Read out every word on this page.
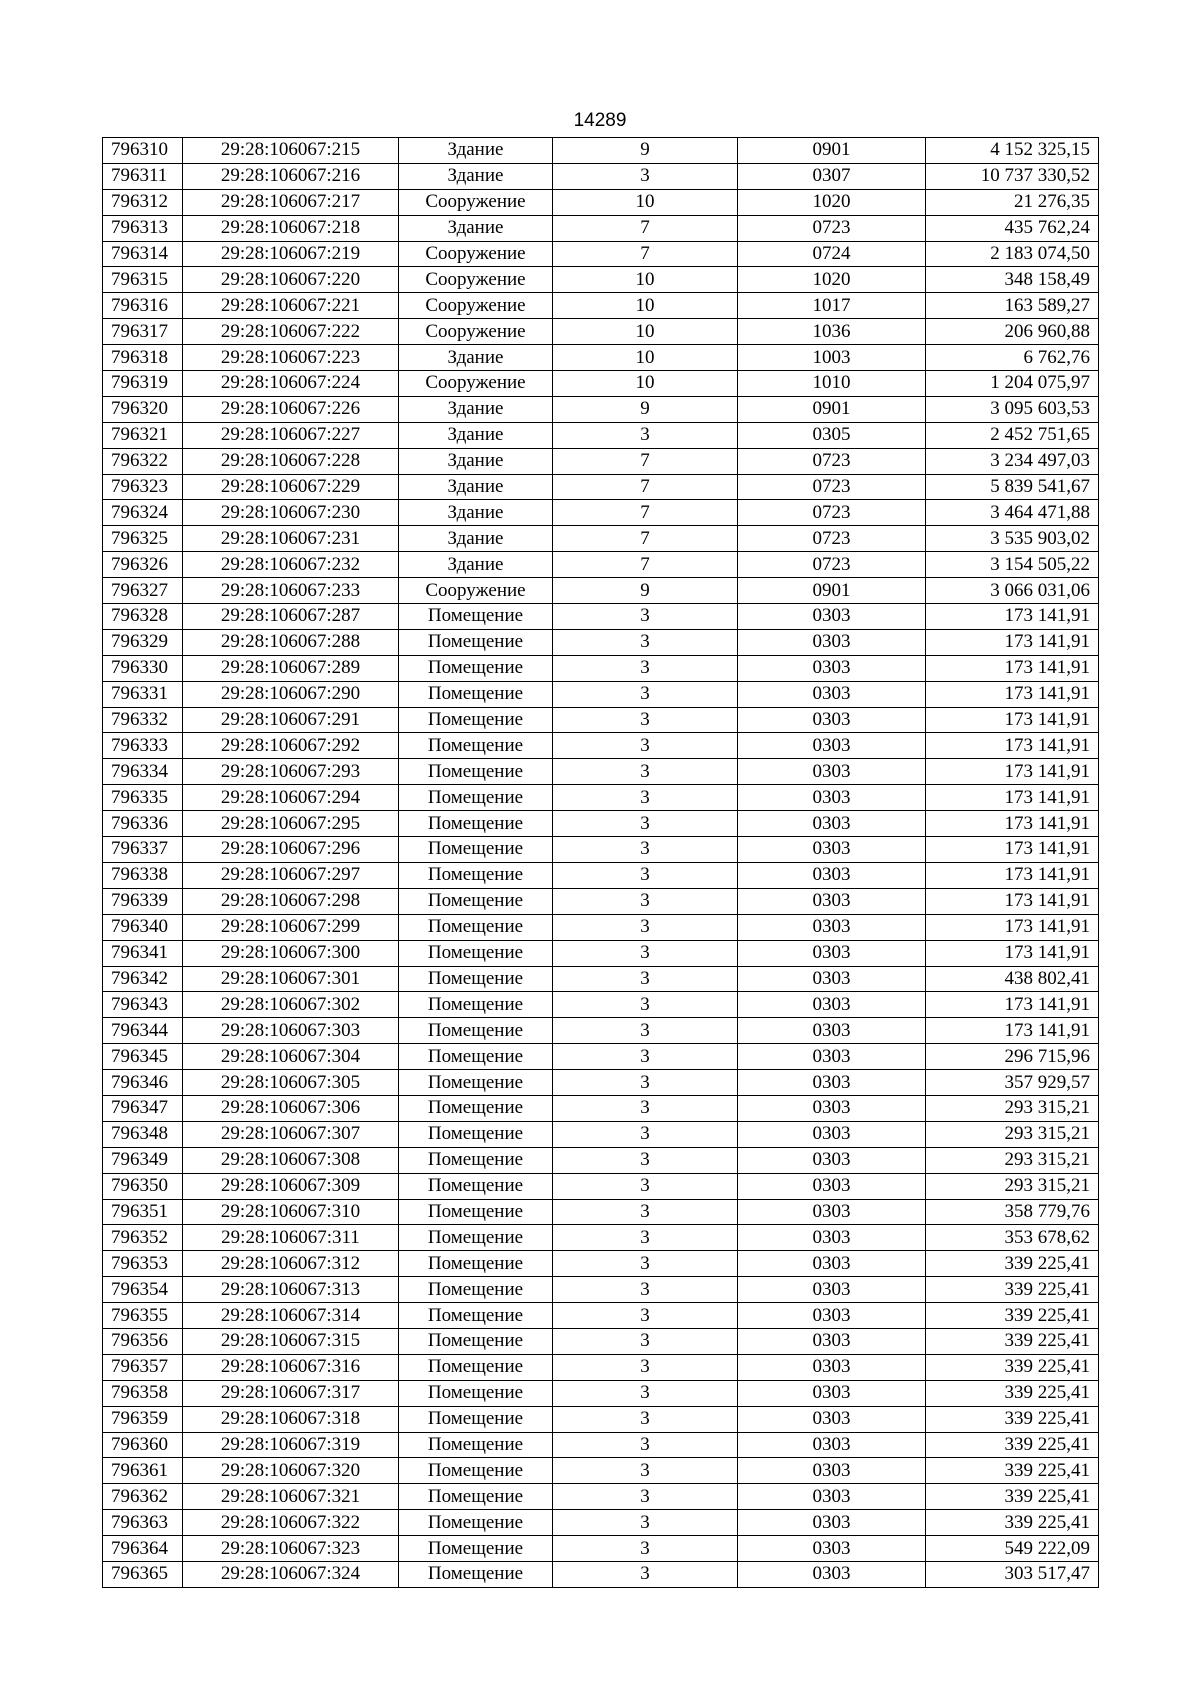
14289
796310	29:28:106067:215	Здание	9	0901	4 152 325,15
796311	29:28:106067:216	Здание	3	0307	10 737 330,52
796312	29:28:106067:217	Сооружение	10	1020	21 276,35
796313	29:28:106067:218	Здание	7	0723	435 762,24
796314	29:28:106067:219	Сооружение	7	0724	2 183 074,50
796315	29:28:106067:220	Сооружение	10	1020	348 158,49
796316	29:28:106067:221	Сооружение	10	1017	163 589,27
796317	29:28:106067:222	Сооружение	10	1036	206 960,88
796318	29:28:106067:223	Здание	10	1003	6 762,76
796319	29:28:106067:224	Сооружение	10	1010	1 204 075,97
796320	29:28:106067:226	Здание	9	0901	3 095 603,53
796321	29:28:106067:227	Здание	3	0305	2 452 751,65
796322	29:28:106067:228	Здание	7	0723	3 234 497,03
796323	29:28:106067:229	Здание	7	0723	5 839 541,67
796324	29:28:106067:230	Здание	7	0723	3 464 471,88
796325	29:28:106067:231	Здание	7	0723	3 535 903,02
796326	29:28:106067:232	Здание	7	0723	3 154 505,22
796327	29:28:106067:233	Сооружение	9	0901	3 066 031,06
796328	29:28:106067:287	Помещение	3	0303	173 141,91
796329	29:28:106067:288	Помещение	3	0303	173 141,91
796330	29:28:106067:289	Помещение	3	0303	173 141,91
796331	29:28:106067:290	Помещение	3	0303	173 141,91
796332	29:28:106067:291	Помещение	3	0303	173 141,91
796333	29:28:106067:292	Помещение	3	0303	173 141,91
796334	29:28:106067:293	Помещение	3	0303	173 141,91
796335	29:28:106067:294	Помещение	3	0303	173 141,91
796336	29:28:106067:295	Помещение	3	0303	173 141,91
796337	29:28:106067:296	Помещение	3	0303	173 141,91
796338	29:28:106067:297	Помещение	3	0303	173 141,91
796339	29:28:106067:298	Помещение	3	0303	173 141,91
796340	29:28:106067:299	Помещение	3	0303	173 141,91
796341	29:28:106067:300	Помещение	3	0303	173 141,91
796342	29:28:106067:301	Помещение	3	0303	438 802,41
796343	29:28:106067:302	Помещение	3	0303	173 141,91
796344	29:28:106067:303	Помещение	3	0303	173 141,91
796345	29:28:106067:304	Помещение	3	0303	296 715,96
796346	29:28:106067:305	Помещение	3	0303	357 929,57
796347	29:28:106067:306	Помещение	3	0303	293 315,21
796348	29:28:106067:307	Помещение	3	0303	293 315,21
796349	29:28:106067:308	Помещение	3	0303	293 315,21
796350	29:28:106067:309	Помещение	3	0303	293 315,21
796351	29:28:106067:310	Помещение	3	0303	358 779,76
796352	29:28:106067:311	Помещение	3	0303	353 678,62
796353	29:28:106067:312	Помещение	3	0303	339 225,41
796354	29:28:106067:313	Помещение	3	0303	339 225,41
796355	29:28:106067:314	Помещение	3	0303	339 225,41
796356	29:28:106067:315	Помещение	3	0303	339 225,41
796357	29:28:106067:316	Помещение	3	0303	339 225,41
796358	29:28:106067:317	Помещение	3	0303	339 225,41
796359	29:28:106067:318	Помещение	3	0303	339 225,41
796360	29:28:106067:319	Помещение	3	0303	339 225,41
796361	29:28:106067:320	Помещение	3	0303	339 225,41
796362	29:28:106067:321	Помещение	3	0303	339 225,41
796363	29:28:106067:322	Помещение	3	0303	339 225,41
796364	29:28:106067:323	Помещение	3	0303	549 222,09
796365	29:28:106067:324	Помещение	3	0303	303 517,47
